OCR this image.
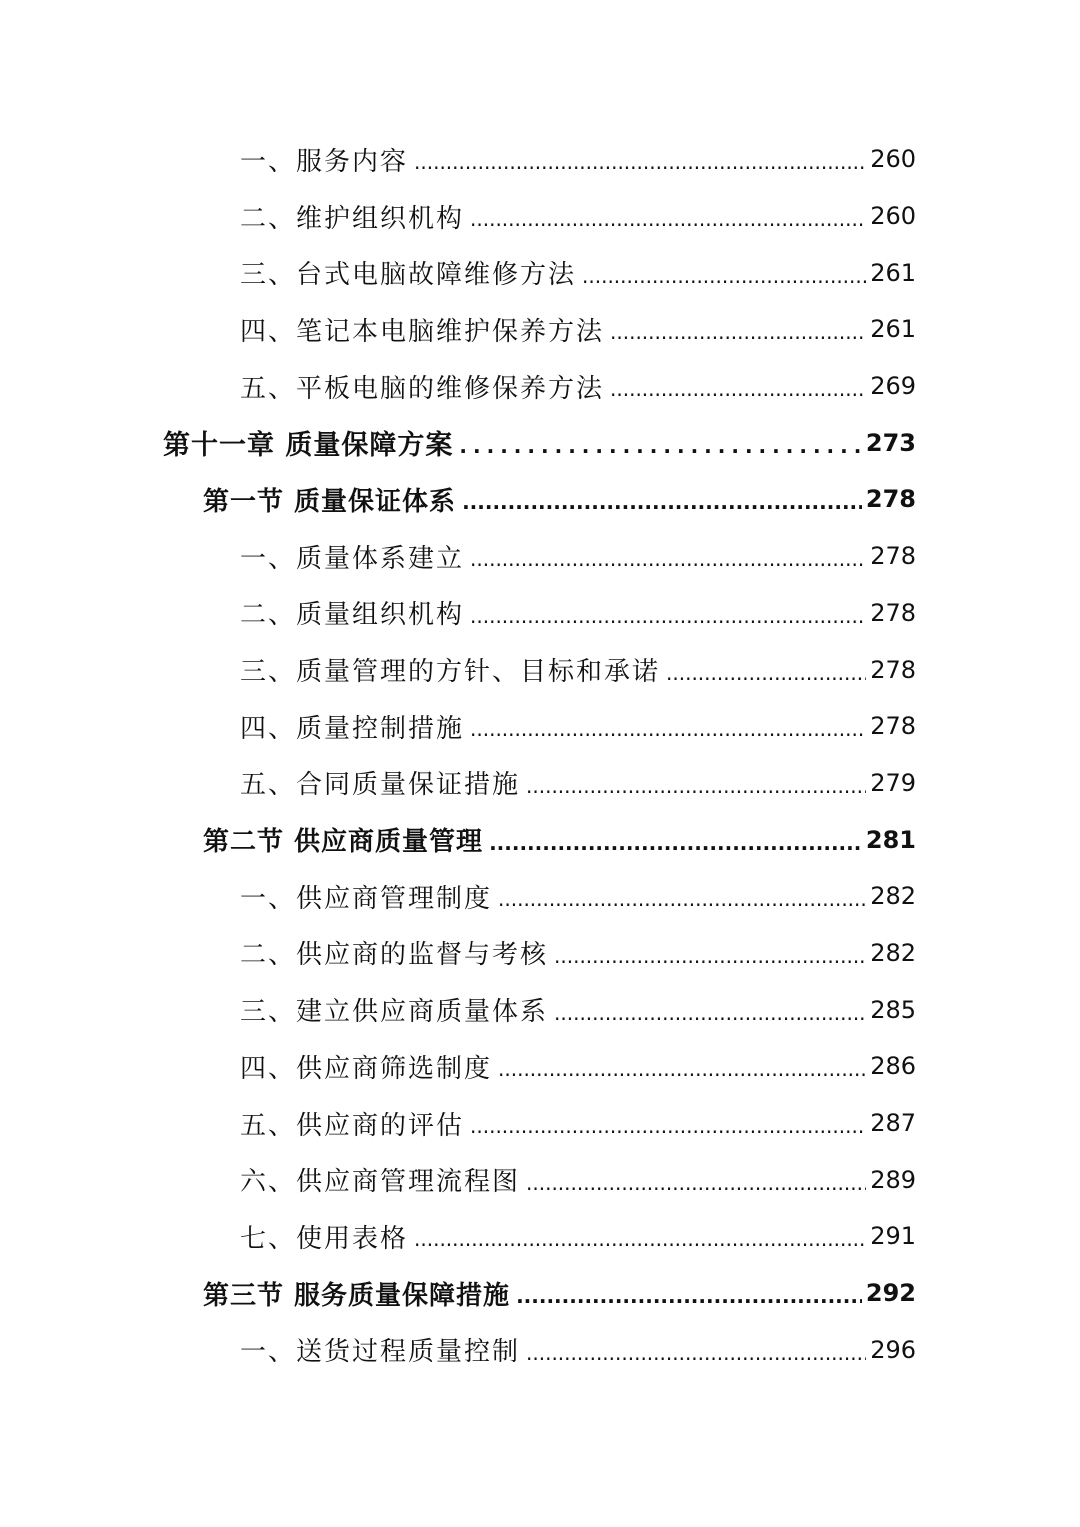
一、服务内容 .....	260
二、维护组织机构 .....	260
三、台式电脑故障维修方法 .....	261
四、笔记本电脑维护保养方法 .....	261
五、平板电脑的维修保养方法 .....	269
第十一章 质量保障方案 .....	273
第一节 质量保证体系 .....	278
一、质量体系建立 .....	278
二、质量组织机构 .....	278
三、质量管理的方针、目标和承诺 .....	278
四、质量控制措施 .....	278
五、合同质量保证措施 .....	279
第二节 供应商质量管理 .....	281
一、供应商管理制度 .....	282
二、供应商的监督与考核 .....	282
三、建立供应商质量体系 .....	285
四、供应商筛选制度 .....	286
五、供应商的评估 .....	287
六、供应商管理流程图 .....	289
七、使用表格 .....	291
第三节 服务质量保障措施 .....	292
一、送货过程质量控制 .....	296
